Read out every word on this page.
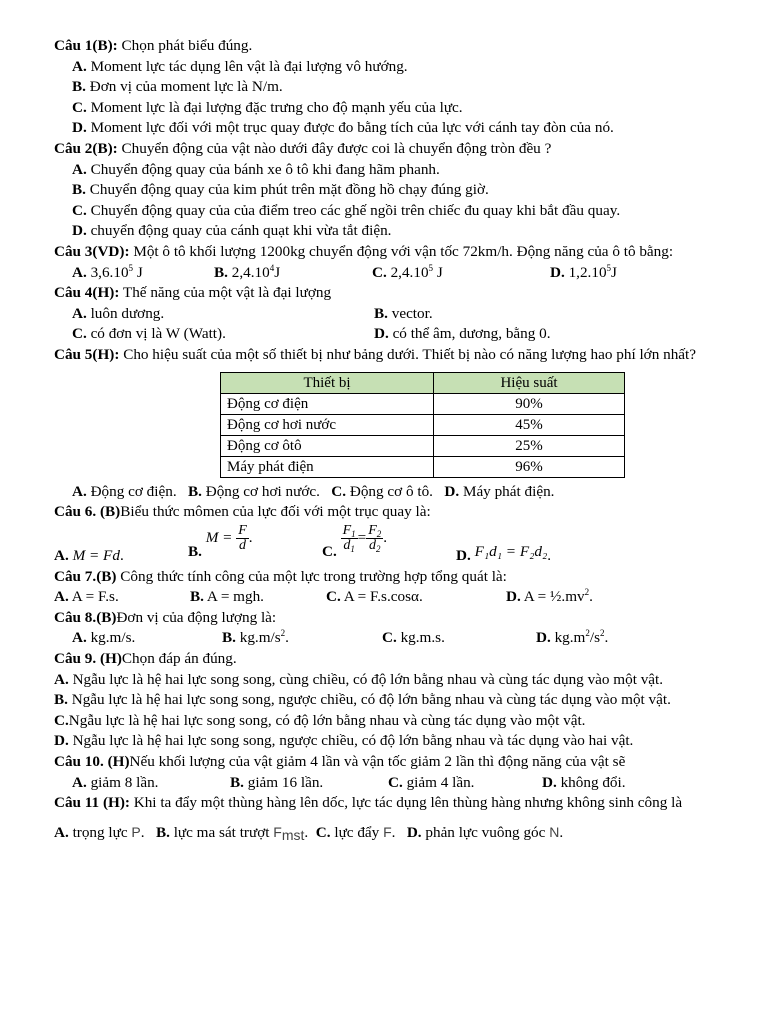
Câu 1(B): Chọn phát biểu đúng.
A. Moment lực tác dụng lên vật là đại lượng vô hướng.
B. Đơn vị của moment lực là N/m.
C. Moment lực là đại lượng đặc trưng cho độ mạnh yếu của lực.
D. Moment lực đối với một trục quay được đo bằng tích của lực với cánh tay đòn của nó.
Câu 2(B): Chuyển động của vật nào dưới đây được coi là chuyển động tròn đều ?
A. Chuyển động quay của bánh xe ô tô khi đang hãm phanh.
B. Chuyển động quay của kim phút trên mặt đồng hồ chạy đúng giờ.
C. Chuyển động quay của của điểm treo các ghế ngồi trên chiếc đu quay khi bắt đầu quay.
D. chuyển động quay của cánh quạt khi vừa tắt điện.
Câu 3(VD): Một ô tô khối lượng 1200kg chuyển động với vận tốc 72km/h. Động năng của ô tô bằng:
A. 3,6.10$^5$ J	B. 2,4.10$^4$J	C. 2,4.10$^5$ J	D. 1,2.10$^5$J
Câu 4(H): Thế năng của một vật là đại lượng
A. luôn dương.	B. vector.
C. có đơn vị là W (Watt).	D. có thể âm, dương, bằng 0.
Câu 5(H): Cho hiệu suất của một số thiết bị như bảng dưới. Thiết bị nào có năng lượng hao phí lớn nhất?
Thiết bị	Hiệu suất
Động cơ điện	90%
Động cơ hơi nước	45%
Động cơ ôtô	25%
Máy phát điện	96%
A. Động cơ điện. B. Động cơ hơi nước. C. Động cơ ô tô. D. Máy phát điện.
Câu 6. (B)Biểu thức mômen của lực đối với một trục quay là:
A. M = Fd.	B. $M = \frac{F}{d}$ .
C. $\frac{F_1}{d_1} = \frac{F_2}{d_2}$ .
D. F₁d₁ = F₂d₂.
Câu 7.(B) Công thức tính công của một lực trong trường hợp tổng quát là:
A. A = F.s.	B. A = mgh.	C. A = F.s.cosα.	D. $A = \frac{1}{2}.mv^2$.
Câu 8.(B)Đơn vị của động lượng là:
A. kg.m/s.	B. $kg.m/s^2$.	C. kg.m.s.	D. $kg.m^2/s^2$.
Câu 9. (H)Chọn đáp án đúng.
A. Ngẫu lực là hệ hai lực song song, cùng chiều, có độ lớn bằng nhau và cùng tác dụng vào một vật.
B. Ngẫu lực là hệ hai lực song song, ngược chiều, có độ lớn bằng nhau và cùng tác dụng vào một vật.
C.Ngẫu lực là hệ hai lực song song, có độ lớn bằng nhau và cùng tác dụng vào một vật.
D. Ngẫu lực là hệ hai lực song song, ngược chiều, có độ lớn bằng nhau và tác dụng vào hai vật.
Câu 10. (H)Nếu khối lượng của vật giảm 4 lần và vận tốc giảm 2 lần thì động năng của vật sẽ
A. giảm 8 lần.	B. giảm 16 lần.	C. giảm 4 lần.	D. không đổi.
Câu 11 (H): Khi ta đẩy một thùng hàng lên dốc, lực tác dụng lên thùng hàng nhưng không sinh công là
A. trọng lực P. B. lực ma sát trượt $F_{mst}$. C. lực đẩy F. D. phản lực vuông góc N.
